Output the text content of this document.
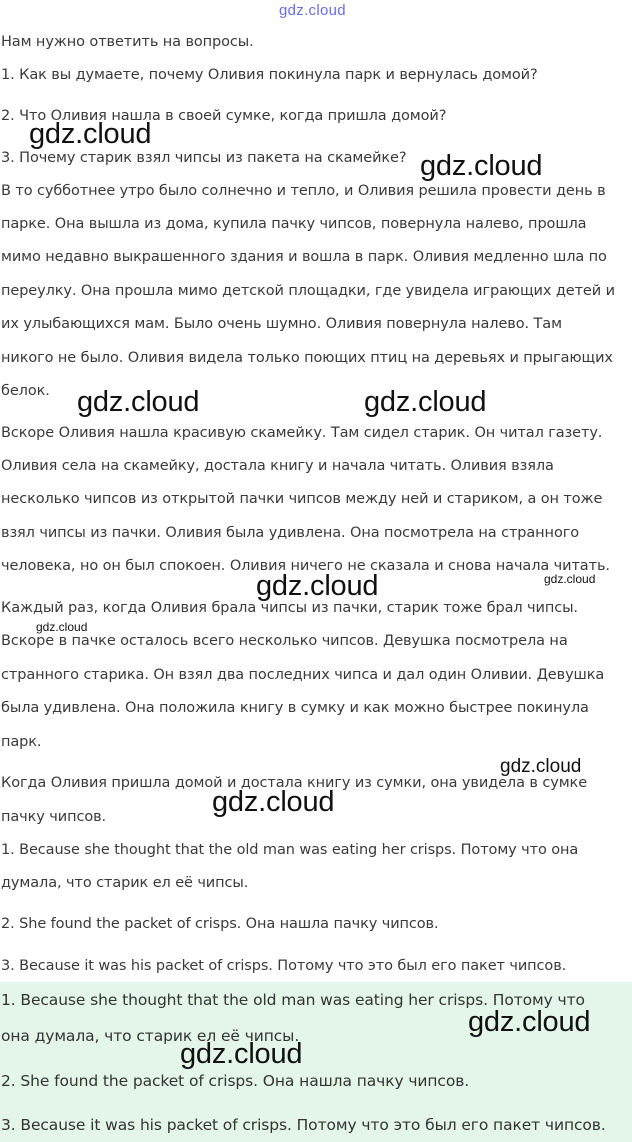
gdz.cloud
Нам нужно ответить на вопросы.
1. Как вы думаете, почему Оливия покинула парк и вернулась домой?
2. Что Оливия нашла в своей сумке, когда пришла домой?
3. Почему старик взял чипсы из пакета на скамейке?
В то субботнее утро было солнечно и тепло, и Оливия решила провести день в
парке. Она вышла из дома, купила пачку чипсов, повернула налево, прошла
мимо недавно выкрашенного здания и вошла в парк. Оливия медленно шла по
переулку. Она прошла мимо детской площадки, где увидела играющих детей и
их улыбающихся мам. Было очень шумно. Оливия повернула налево. Там
никого не было. Оливия видела только поющих птиц на деревьях и прыгающих
белок.
Вскоре Оливия нашла красивую скамейку. Там сидел старик. Он читал газету.
Оливия села на скамейку, достала книгу и начала читать. Оливия взяла
несколько чипсов из открытой пачки чипсов между ней и стариком, а он тоже
взял чипсы из пачки. Оливия была удивлена. Она посмотрела на странного
человека, но он был спокоен. Оливия ничего не сказала и снова начала читать.
Каждый раз, когда Оливия брала чипсы из пачки, старик тоже брал чипсы.
Вскоре в пачке осталось всего несколько чипсов. Девушка посмотрела на
странного старика. Он взял два последних чипса и дал один Оливии. Девушка
была удивлена. Она положила книгу в сумку и как можно быстрее покинула
парк.
Когда Оливия пришла домой и достала книгу из сумки, она увидела в сумке
пачку чипсов.
1. Because she thought that the old man was eating her crisps. Потому что она
думала, что старик ел её чипсы.
2. She found the packet of crisps. Она нашла пачку чипсов.
3. Because it was his packet of crisps. Потому что это был его пакет чипсов.
1. Because she thought that the old man was eating her crisps. Потому что
она думала, что старик ел её чипсы.
2. She found the packet of crisps. Она нашла пачку чипсов.
3. Because it was his packet of crisps. Потому что это был его пакет чипсов.
gdz.cloud
gdz.cloud
gdz.cloud	gdz.cloud
gdz.cloud	gdz.cloud
gdz.cloud
gdz.cloud
gdz.cloud
gdz.cloud
gdz.cloud
